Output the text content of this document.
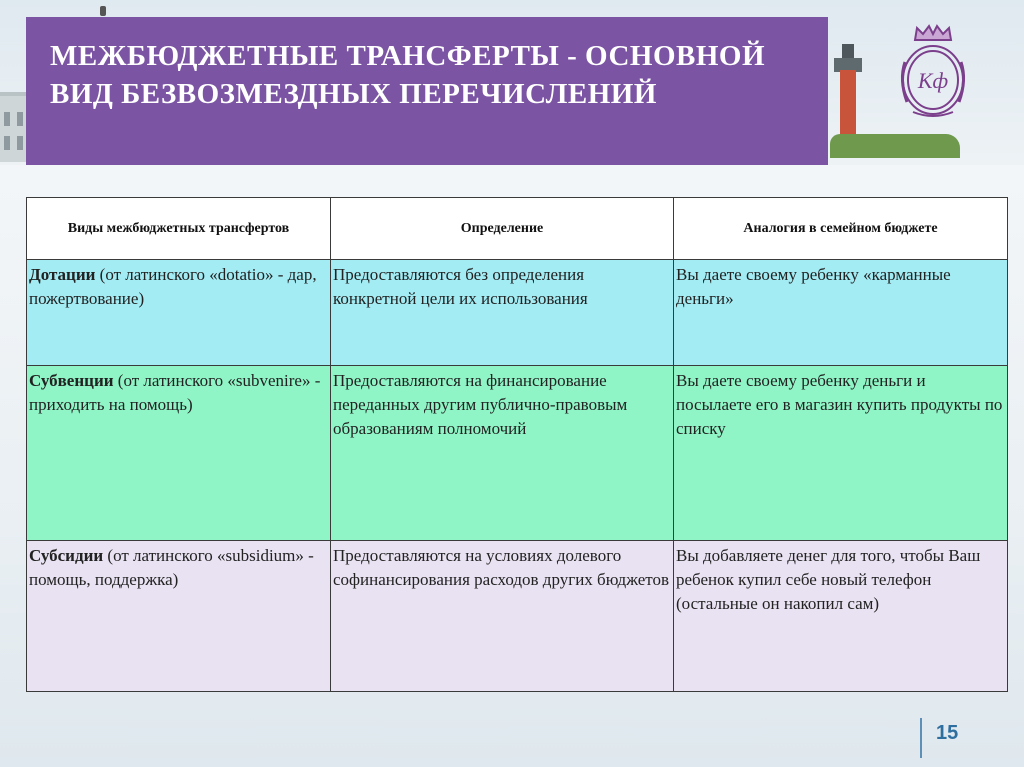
Кф
МЕЖБЮДЖЕТНЫЕ ТРАНСФЕРТЫ - ОСНОВНОЙ ВИД БЕЗВОЗМЕЗДНЫХ ПЕРЕЧИСЛЕНИЙ
Виды межбюджетных трансфертов	Определение	Аналогия в семейном бюджете
Дотации (от латинского «dotatio» - дар, пожертвование)	Предоставляются без определения конкретной цели их использования	Вы даете своему ребенку «карманные деньги»
Субвенции (от латинского «subvenire» - приходить на помощь)	Предоставляются на финансирование переданных другим публично-правовым образованиям полномочий	Вы даете своему ребенку деньги и посылаете его в магазин купить продукты по списку
Субсидии (от латинского «subsidium» - помощь, поддержка)	Предоставляются на условиях долевого софинансирования расходов других бюджетов	Вы добавляете денег для того, чтобы Ваш ребенок купил себе новый телефон (остальные он накопил сам)
15
